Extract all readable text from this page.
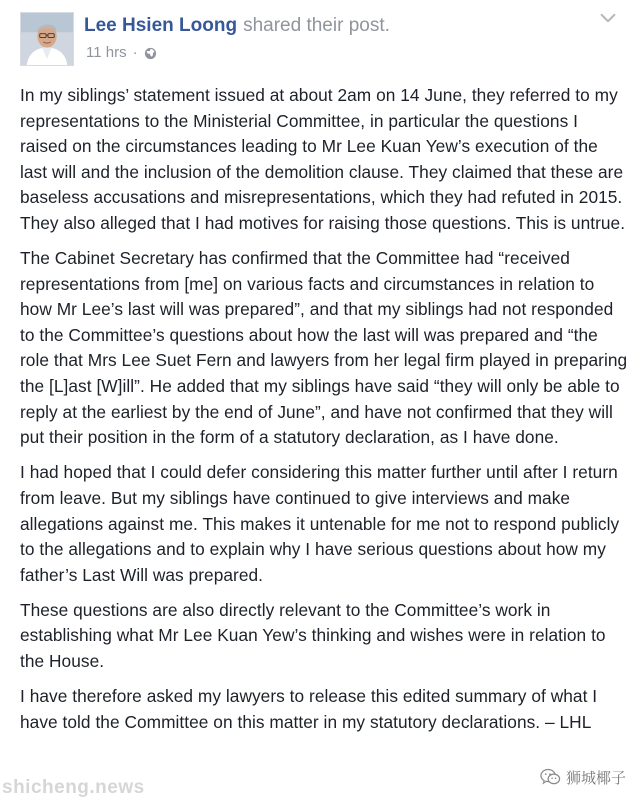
Lee Hsien Loong shared their post.
11 hrs ·

In my siblings’ statement issued at about 2am on 14 June, they referred to my representations to the Ministerial Committee, in particular the questions I raised on the circumstances leading to Mr Lee Kuan Yew’s execution of the last will and the inclusion of the demolition clause. They claimed that these are baseless accusations and misrepresentations, which they had refuted in 2015. They also alleged that I had motives for raising those questions. This is untrue.

The Cabinet Secretary has confirmed that the Committee had “received representations from [me] on various facts and circumstances in relation to how Mr Lee’s last will was prepared”, and that my siblings had not responded to the Committee’s questions about how the last will was prepared and “the role that Mrs Lee Suet Fern and lawyers from her legal firm played in preparing the [L]ast [W]ill”. He added that my siblings have said “they will only be able to reply at the earliest by the end of June”, and have not confirmed that they will put their position in the form of a statutory declaration, as I have done.

I had hoped that I could defer considering this matter further until after I return from leave. But my siblings have continued to give interviews and make allegations against me. This makes it untenable for me not to respond publicly to the allegations and to explain why I have serious questions about how my father’s Last Will was prepared.

These questions are also directly relevant to the Committee’s work in establishing what Mr Lee Kuan Yew’s thinking and wishes were in relation to the House.

I have therefore asked my lawyers to release this edited summary of what I have told the Committee on this matter in my statutory declarations. – LHL

shicheng.news	狮城椰子
